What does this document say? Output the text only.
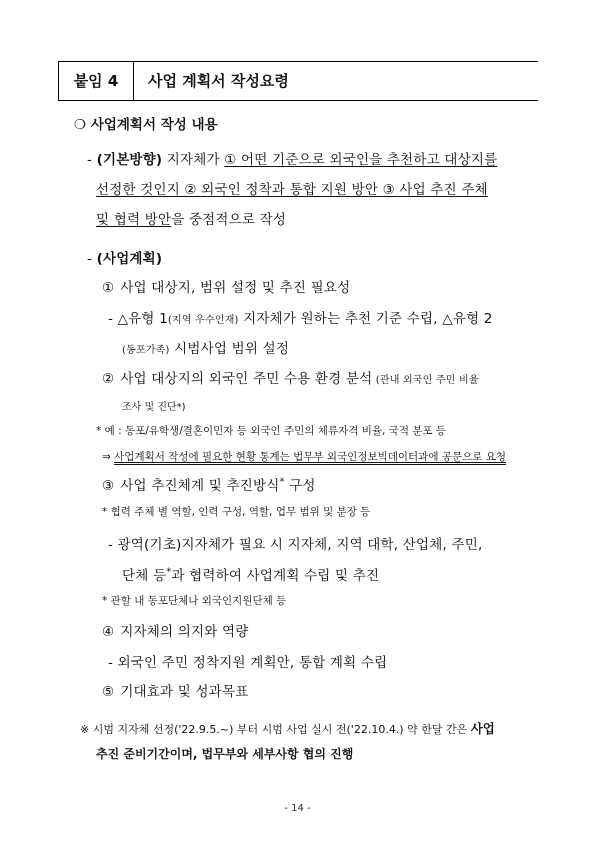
붙임 4	사업 계획서 작성요령
❍ 사업계획서 작성 내용
- (기본방향) 지자체가 ① 어떤 기준으로 외국인을 추천하고 대상지를
선정한 것인지 ② 외국인 정착과 통합 지원 방안 ③ 사업 추진 주체
및 협력 방안을 중점적으로 작성
- (사업계획)
① 사업 대상지, 범위 설정 및 추진 필요성
- △유형 1(지역 우수인재) 지자체가 원하는 추천 기준 수립, △유형 2
(동포가족) 시범사업 범위 설정
② 사업 대상지의 외국인 주민 수용 환경 분석 (관내 외국인 주민 비율
조사 및 진단*)
* 예 : 동포/유학생/결혼이민자 등 외국인 주민의 체류자격 비율, 국적 분포 등
⇒ 사업계획서 작성에 필요한 현황 통계는 법무부 외국인정보빅데이터과에 공문으로 요청
③ 사업 추진체계 및 추진방식* 구성
* 협력 주체 별 역할, 인력 구성, 역할, 업무 범위 및 분장 등
- 광역(기초)지자체가 필요 시 지자체, 지역 대학, 산업체, 주민,
단체 등*과 협력하여 사업계획 수립 및 추진
* 관할 내 동포단체나 외국인지원단체 등
④ 지자체의 의지와 역량
- 외국인 주민 정착지원 계획안, 통합 계획 수립
⑤ 기대효과 및 성과목표
※ 시범 지자체 선정('22.9.5.~) 부터 시범 사업 실시 전('22.10.4.) 약 한달 간은 사업
추진 준비기간이며, 법무부와 세부사항 협의 진행
- 14 -
